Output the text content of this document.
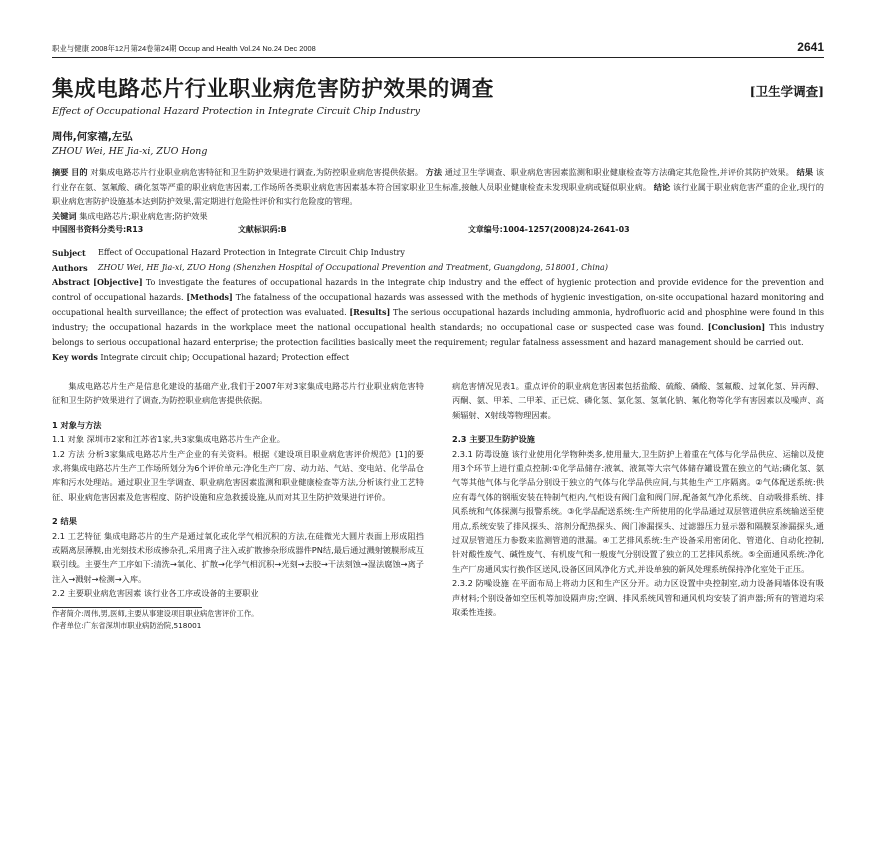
职业与健康 2008年12月第24卷第24期 Occup and Health Vol.24 No.24 Dec 2008	2641
集成电路芯片行业职业病危害防护效果的调查	[卫生学调查]
Effect of Occupational Hazard Protection in Integrate Circuit Chip Industry
周伟,何家禧,左弘
ZHOU Wei, HE Jia-xi, ZUO Hong
摘要 目的 对集成电路芯片行业职业病危害特征和卫生防护效果进行调查,为防控职业病危害提供依据。 方法 通过卫生学调查、职业病危害因素监测和职业健康检查等方法确定其危险性,并评价其防护效果。 结果 该行业存在氨、氢氟酸、磷化氢等严重的职业病危害因素,工作场所各类职业病危害因素基本符合国家职业卫生标准,接触人员职业健康检查未发现职业病或疑似职业病。 结论 该行业属于职业病危害严重的企业,现行的职业病危害防护设施基本达到防护效果,需定期进行危险性评价和实行危险度的管理。
关键词 集成电路芯片;职业病危害;防护效果
中国图书资料分类号:R13	文献标识码:B	文章编号:1004-1257(2008)24-2641-03
Subject	Effect of Occupational Hazard Protection in Integrate Circuit Chip Industry
Authors	ZHOU Wei, HE Jia-xi, ZUO Hong (Shenzhen Hospital of Occupational Prevention and Treatment, Guangdong, 518001, China)
Abstract [Objective] To investigate the features of occupational hazards in the integrate chip industry and the effect of hygienic protection and provide evidence for the prevention and control of occupational hazards. [Methods] The fatalness of the occupational hazards was assessed with the methods of hygienic investigation, on-site occupational hazard monitoring and occupational health surveillance; the effect of protection was evaluated. [Results] The serious occupational hazards including ammonia, hydrofluoric acid and phosphine were found in this industry; the occupational hazards in the workplace meet the national occupational health standards; no occupational case or suspected case was found. [Conclusion] This industry belongs to serious occupational hazard enterprise; the protection facilities basically meet the requirement; regular fatalness assessment and hazard management should be carried out.
Key words Integrate circuit chip; Occupational hazard; Protection effect

集成电路芯片生产是信息化建设的基础产业,我们于2007年对3家集成电路芯片行业职业病危害特征和卫生防护效果进行了调查,为防控职业病危害提供依据。

1 对象与方法

1.1 对象 深圳市2家和江苏省1家,共3家集成电路芯片生产企业。

1.2 方法 分析3家集成电路芯片生产企业的有关资料。根据《建设项目职业病危害评价规范》[1]的要求,将集成电路芯片生产工作场所划分为6个评价单元:净化生产厂房、动力站、气站、变电站、化学品仓库和污水处理站。通过职业卫生学调查、职业病危害因素监测和职业健康检查等方法,分析该行业工艺特征、职业病危害因素及危害程度、防护设施和应急救援设施,从而对其卫生防护效果进行评价。

2 结果

2.1 工艺特征 集成电路芯片的生产是通过氧化或化学气相沉积的方法,在硅微光大圆片表面上形成阻挡或隔离层薄膜,由光刻技术形成掺杂孔,采用离子注入或扩散掺杂形成器件PN结,最后通过溅射镀膜形成互联引线。主要生产工序如下:清洗→氧化、扩散→化学气相沉积→光刻→去胶→干法刻蚀→湿法腐蚀→离子注入→溅射→检测→入库。

2.2 主要职业病危害因素 该行业各工序或设备的主要职业

作者简介:周伟,男,医师,主要从事建设项目职业病危害评价工作。
作者单位:广东省深圳市职业病防治院,518001

病危害情况见表1。重点评价的职业病危害因素包括盐酸、硫酸、磷酸、氢氟酸、过氧化氢、异丙醇、丙酮、氨、甲苯、二甲苯、正已烷、磷化氢、氯化氢、氢氧化钠、氟化物等化学有害因素以及噪声、高频辐射、X射线等物理因素。

2.3 主要卫生防护设施

2.3.1 防毒设施 该行业使用化学物种类多,使用量大,卫生防护上着重在气体与化学品供应、运输以及使用3个环节上进行重点控制:①化学品储存:液氧、液氮等大宗气体储存罐设置在独立的气站;磷化氢、氨气等其他气体与化学品分别设于独立的气体与化学品供应间,与其他生产工序隔离。②气体配送系统:供应有毒气体的钢瓶安装在特制气柜内,气柜设有阀门盒和阀门屏,配备氮气净化系统、自动吸排系统、排风系统和气体探测与报警系统。③化学品配送系统:生产所使用的化学品通过双层管道供应系统输送至使用点,系统安装了排风探头、溶剂分配热探头、阀门渗漏探头、过滤器压力显示器和隔膜泵渗漏探头,通过双层管道压力参数来监测管道的泄漏。④工艺排风系统:生产设备采用密闭化、管道化、自动化控制,针对酸性废气、碱性废气、有机废气和一般废气分别设置了独立的工艺排风系统。⑤全面通风系统:净化生产厂房通风实行换作区送风,设备区回风净化方式,并设单独的新风处理系统保持净化室处于正压。

2.3.2 防噪设施 在平面布局上将动力区和生产区分开。动力区设置中央控制室,动力设备间墙体设有吸声材料;个别设备如空压机等加设隔声房;空调、排风系统风管和通风机均安装了消声器;所有的管道均采取柔性连接。
